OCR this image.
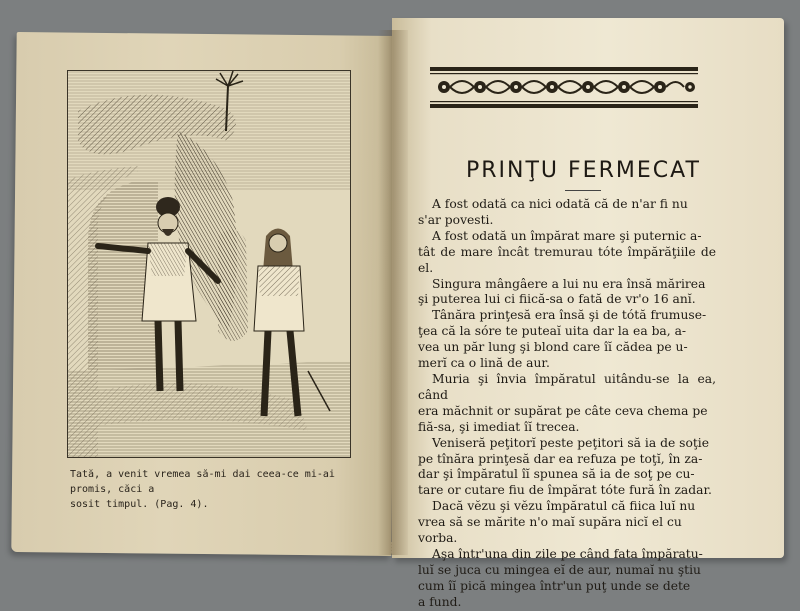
Tată, a venit vremea să-mi dai ceea-ce mi-ai promis, căci a
sosit timpul. (Pag. 4).
PRINŢU FERMECAT
A fost odată ca nici odată că de n'ar fi nu
s'ar povesti.
A fost odată un împărat mare şi puternic a-
tât de mare încât tremurau tóte împărăţiile de el.
Singura mângâere a lui nu era însă mărirea
şi puterea lui ci fiică-sa o fată de vr'o 16 anĭ.
Tânăra prinţesă era însă şi de tótă frumuse-
ţea că la sóre te puteaĭ uita dar la ea ba, a-
vea un păr lung şi blond care îĭ cădea pe u-
merĭ ca o lină de aur.
Muria şi învia împăratul uitându-se la ea, când
era măchnit or supărat pe câte ceva chema pe
fiă-sa, şi imediat îĭ trecea.
Veniseră peţitorĭ peste peţitori să ia de soţie
pe tînăra prinţesă dar ea refuza pe toţĭ, în za-
dar şi împăratul îĭ spunea să ia de soţ pe cu-
tare or cutare fiu de împărat tóte fură în zadar.
Dacă vĕzu şi vĕzu împăratul că fiica luĭ nu
vrea să se mărite n'o maĭ supăra nicĭ el cu
vorba.
Aşa într'una din zile pe când fata împăratu-
luĭ se juca cu mingea eĭ de aur, numaĭ nu ştiu
cum îĭ pică mingea într'un puţ unde se dete
a fund.
